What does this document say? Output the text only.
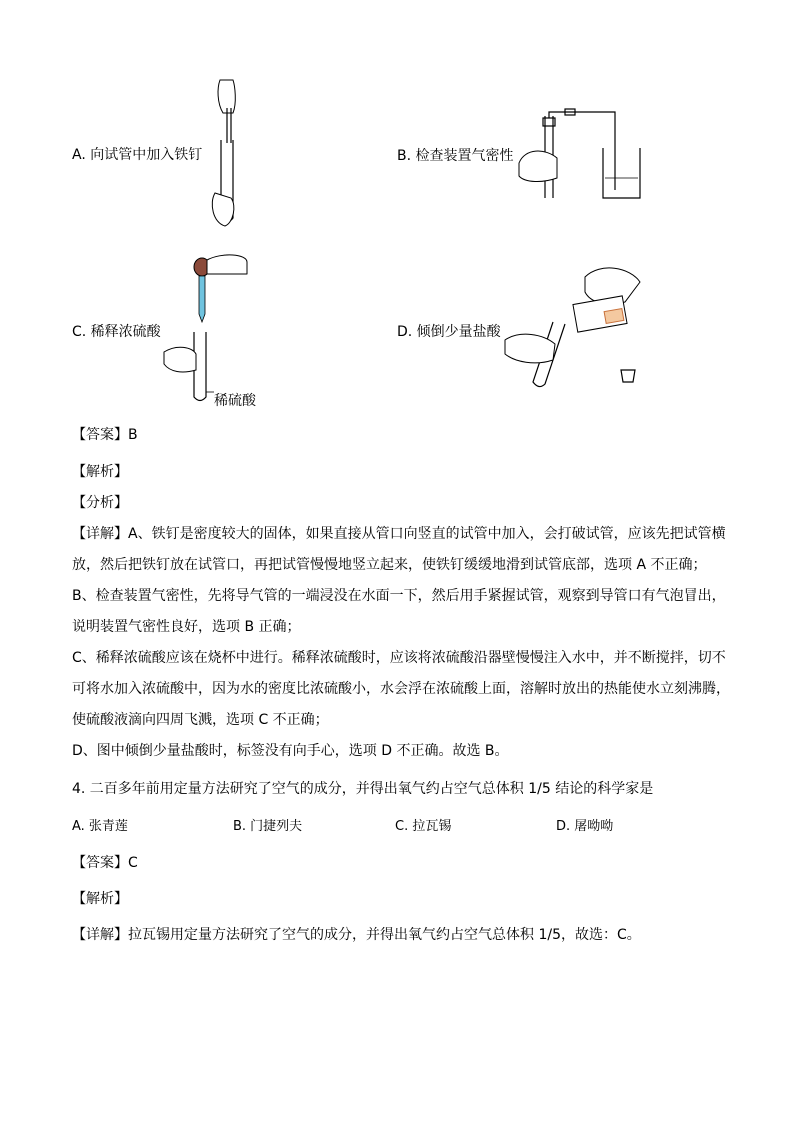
A. 向试管中加入铁钉	B. 检查装置气密性
C. 稀释浓硫酸
稀硫酸
D. 倾倒少量盐酸
【答案】B
【解析】
【分析】

【详解】A、铁钉是密度较大的固体，如果直接从管口向竖直的试管中加入，会打破试管，应该先把试管横

放，然后把铁钉放在试管口，再把试管慢慢地竖立起来，使铁钉缓缓地滑到试管底部，选项 A 不正确；

B、检查装置气密性，先将导气管的一端浸没在水面一下，然后用手紧握试管，观察到导管口有气泡冒出，

说明装置气密性良好，选项 B 正确；

C、稀释浓硫酸应该在烧杯中进行。稀释浓硫酸时，应该将浓硫酸沿器壁慢慢注入水中，并不断搅拌，切不

可将水加入浓硫酸中，因为水的密度比浓硫酸小，水会浮在浓硫酸上面，溶解时放出的热能使水立刻沸腾，

使硫酸液滴向四周飞溅，选项 C 不正确；

D、图中倾倒少量盐酸时，标签没有向手心，选项 D 不正确。故选 B。

4. 二百多年前用定量方法研究了空气的成分，并得出氧气约占空气总体积 1/5 结论的科学家是
A. 张青莲	B. 门捷列夫	C. 拉瓦锡	D. 屠呦呦
【答案】C
【解析】
【详解】拉瓦锡用定量方法研究了空气的成分，并得出氧气约占空气总体积 1/5，故选：C。
